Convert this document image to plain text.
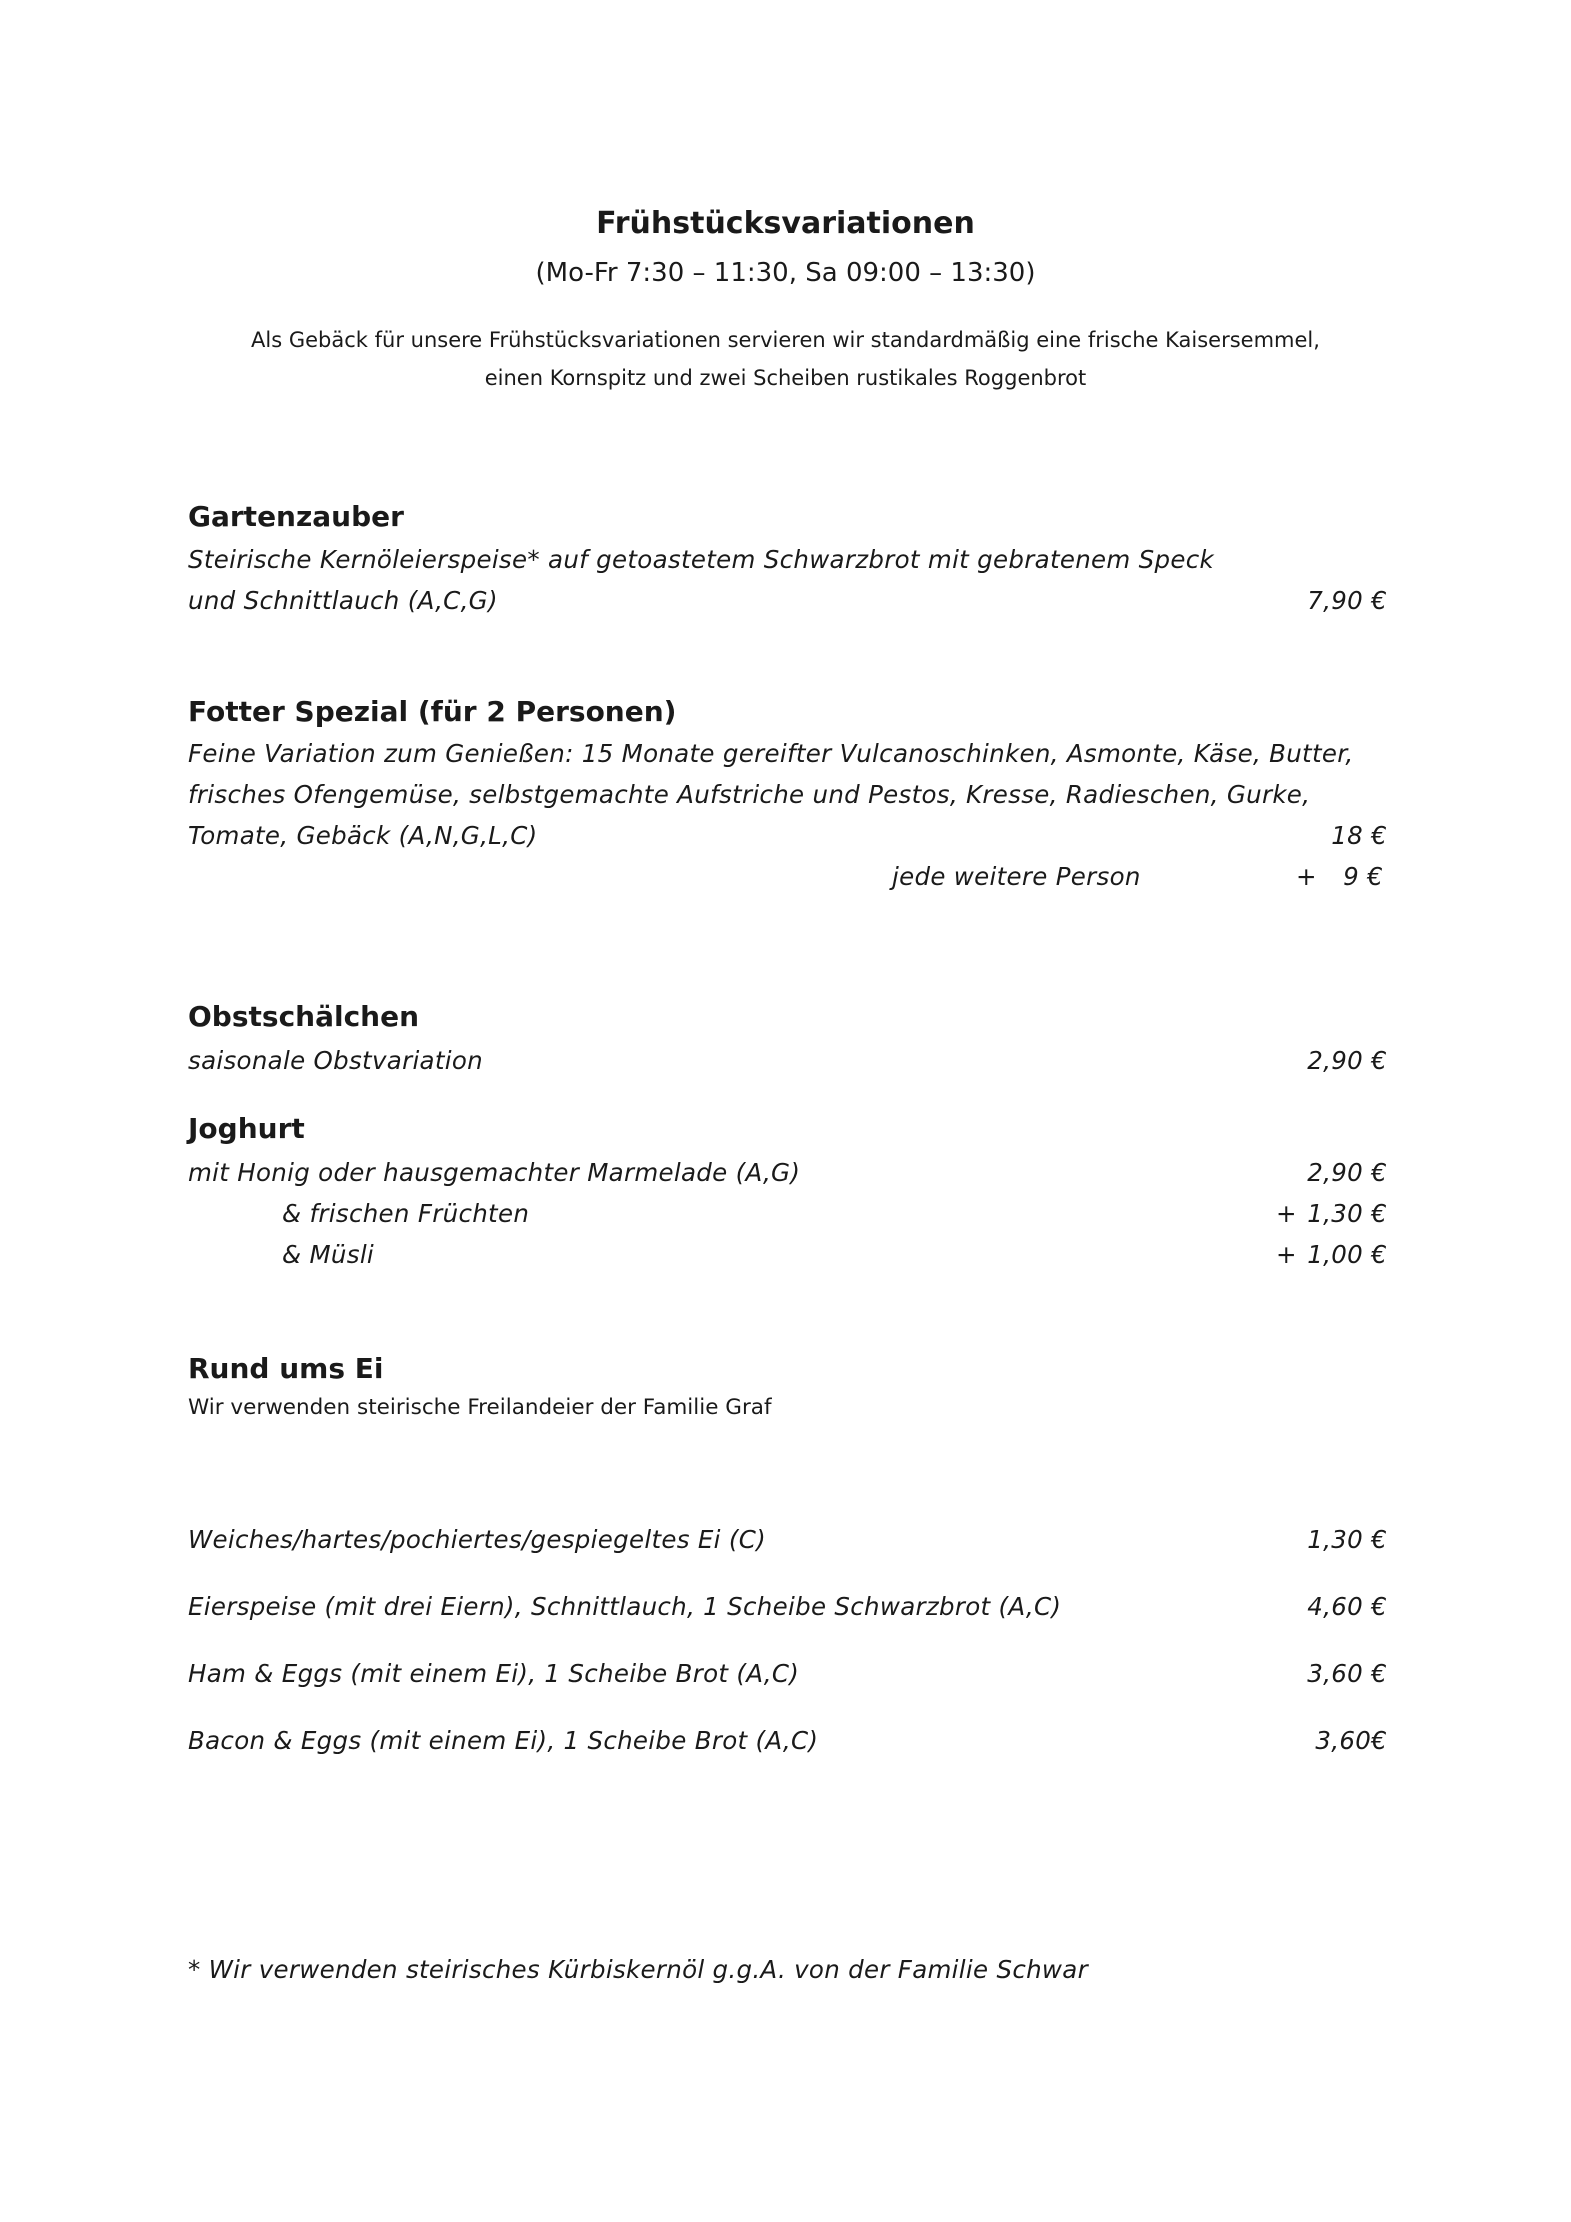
Frühstücksvariationen
(Mo-Fr 7:30 – 11:30, Sa 09:00 – 13:30)
Als Gebäck für unsere Frühstücksvariationen servieren wir standardmäßig eine frische Kaisersemmel,
einen Kornspitz und zwei Scheiben rustikales Roggenbrot
Gartenzauber
Steirische Kernöleierspeise* auf getoastetem Schwarzbrot mit gebratenem Speck
und Schnittlauch (A,C,G)	7,90 €
Fotter Spezial (für 2 Personen)
Feine Variation zum Genießen: 15 Monate gereifter Vulcanoschinken, Asmonte, Käse, Butter,
frisches Ofengemüse, selbstgemachte Aufstriche und Pestos, Kresse, Radieschen, Gurke,
Tomate, Gebäck (A,N,G,L,C)	18 €
jede weitere Person	+ 9 €
Obstschälchen
saisonale Obstvariation	2,90 €
Joghurt
mit Honig oder hausgemachter Marmelade (A,G)	2,90 €
& frischen Früchten	+ 1,30 €
& Müsli	+ 1,00 €
Rund ums Ei
Wir verwenden steirische Freilandeier der Familie Graf
Weiches/hartes/pochiertes/gespiegeltes Ei (C)	1,30 €
Eierspeise (mit drei Eiern), Schnittlauch, 1 Scheibe Schwarzbrot (A,C)	4,60 €
Ham & Eggs (mit einem Ei), 1 Scheibe Brot (A,C)	3,60 €
Bacon & Eggs (mit einem Ei), 1 Scheibe Brot (A,C)	3,60€
* Wir verwenden steirisches Kürbiskernöl g.g.A. von der Familie Schwar
